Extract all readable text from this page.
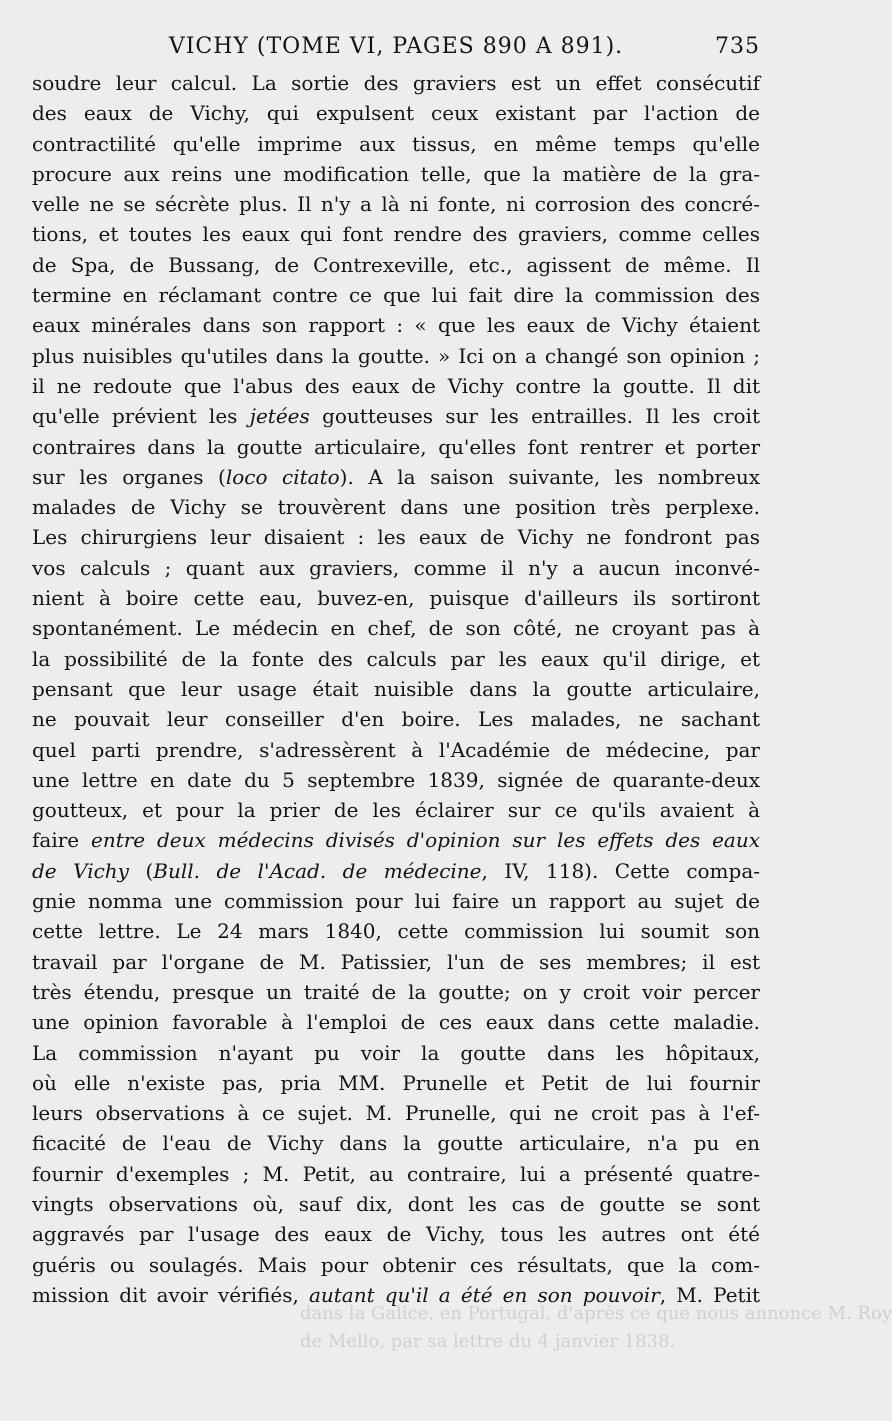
VICHY (TOME VI, PAGES 890 A 891).	735
soudre leur calcul. La sortie des graviers est un effet consécutif
des eaux de Vichy, qui expulsent ceux existant par l'action de
contractilité qu'elle imprime aux tissus, en même temps qu'elle
procure aux reins une modification telle, que la matière de la gra-
velle ne se sécrète plus. Il n'y a là ni fonte, ni corrosion des concré-
tions, et toutes les eaux qui font rendre des graviers, comme celles
de Spa, de Bussang, de Contrexeville, etc., agissent de même. Il
termine en réclamant contre ce que lui fait dire la commission des
eaux minérales dans son rapport : « que les eaux de Vichy étaient
plus nuisibles qu'utiles dans la goutte. » Ici on a changé son opinion ;
il ne redoute que l'abus des eaux de Vichy contre la goutte. Il dit
qu'elle prévient les jetées goutteuses sur les entrailles. Il les croit
contraires dans la goutte articulaire, qu'elles font rentrer et porter
sur les organes (loco citato). A la saison suivante, les nombreux
malades de Vichy se trouvèrent dans une position très perplexe.
Les chirurgiens leur disaient : les eaux de Vichy ne fondront pas
vos calculs ; quant aux graviers, comme il n'y a aucun inconvé-
nient à boire cette eau, buvez-en, puisque d'ailleurs ils sortiront
spontanément. Le médecin en chef, de son côté, ne croyant pas à
la possibilité de la fonte des calculs par les eaux qu'il dirige, et
pensant que leur usage était nuisible dans la goutte articulaire,
ne pouvait leur conseiller d'en boire. Les malades, ne sachant
quel parti prendre, s'adressèrent à l'Académie de médecine, par
une lettre en date du 5 septembre 1839, signée de quarante-deux
goutteux, et pour la prier de les éclairer sur ce qu'ils avaient à
faire entre deux médecins divisés d'opinion sur les effets des eaux
de Vichy (Bull. de l'Acad. de médecine, IV, 118). Cette compa-
gnie nomma une commission pour lui faire un rapport au sujet de
cette lettre. Le 24 mars 1840, cette commission lui soumit son
travail par l'organe de M. Patissier, l'un de ses membres; il est
très étendu, presque un traité de la goutte; on y croit voir percer
une opinion favorable à l'emploi de ces eaux dans cette maladie.
La commission n'ayant pu voir la goutte dans les hôpitaux,
où elle n'existe pas, pria MM. Prunelle et Petit de lui fournir
leurs observations à ce sujet. M. Prunelle, qui ne croit pas à l'ef-
ficacité de l'eau de Vichy dans la goutte articulaire, n'a pu en
fournir d'exemples ; M. Petit, au contraire, lui a présenté quatre-
vingts observations où, sauf dix, dont les cas de goutte se sont
aggravés par l'usage des eaux de Vichy, tous les autres ont été
guéris ou soulagés. Mais pour obtenir ces résultats, que la com-
mission dit avoir vérifiés, autant qu'il a été en son pouvoir, M. Petit
dans la Galice, en Portugal, d'après ce que nous annonce M. Roy
de Mello, par sa lettre du 4 janvier 1838.
